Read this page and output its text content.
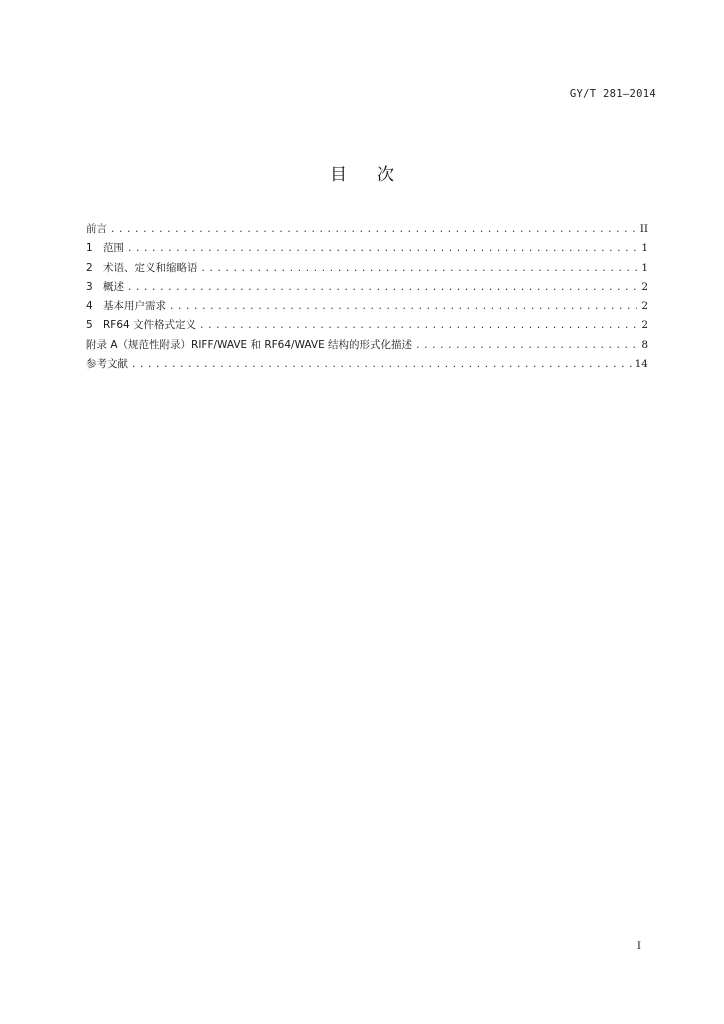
GY/T 281—2014
目次
前言 .....	II
1 范围 .....	1
2 术语、定义和缩略语 .....	1
3 概述 .....	2
4 基本用户需求 .....	2
5 RF64 文件格式定义 .....	2
附录 A（规范性附录）RIFF/WAVE 和 RF64/WAVE 结构的形式化描述 .....	8
参考文献 .....	14
I
